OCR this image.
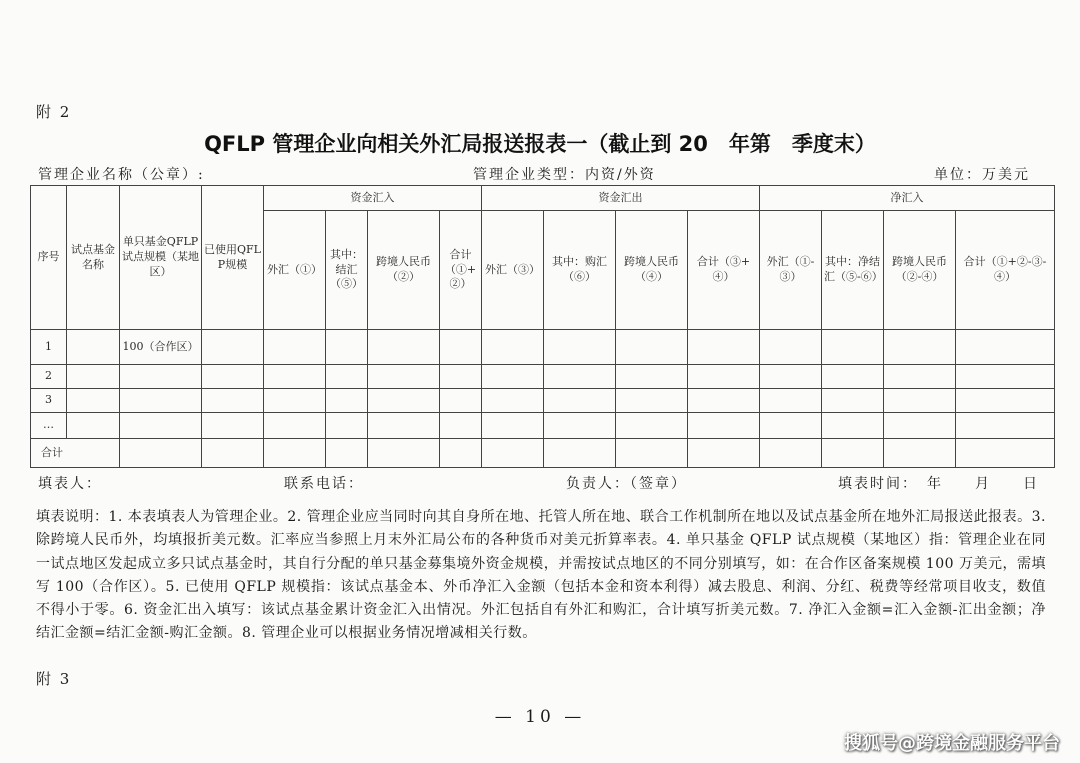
附 2
QFLP 管理企业向相关外汇局报送报表一（截止到 20　年第　季度末）
管理企业名称（公章）:	管理企业类型：内资/外资	单位：万美元
序号	试点基金名称	单只基金QFLP试点规模（某地区）	已使用QFLP规模	资金汇入				资金汇出				净汇入			
				外汇（①）	其中：结汇（⑤）	跨境人民币（②）	合计（①+②）	外汇（③）	其中：购汇（⑥）	跨境人民币（④）	合计（③+④）	外汇（①-③）	其中：净结汇（⑤-⑥）	跨境人民币（②-④）	合计（①+②-③-④）
1		100（合作区）													
2															
3															
…															
合计															
填表人：	联系电话：	负责人：（签章）	填表时间：　年　　月　　日
填表说明：1. 本表填表人为管理企业。2. 管理企业应当同时向其自身所在地、托管人所在地、联合工作机制所在地以及试点基金所在地外汇局报送此报表。3. 除跨境人民币外，均填报折美元数。汇率应当参照上月末外汇局公布的各种货币对美元折算率表。4. 单只基金 QFLP 试点规模（某地区）指：管理企业在同一试点地区发起成立多只试点基金时，其自行分配的单只基金募集境外资金规模，并需按试点地区的不同分别填写，如：在合作区备案规模 100 万美元，需填写 100（合作区）。5. 已使用 QFLP 规模指：该试点基金本、外币净汇入金额（包括本金和资本利得）减去股息、利润、分红、税费等经常项目收支，数值不得小于零。6. 资金汇出入填写：该试点基金累计资金汇入出情况。外汇包括自有外汇和购汇，合计填写折美元数。7. 净汇入金额=汇入金额-汇出金额；净结汇金额=结汇金额-购汇金额。8. 管理企业可以根据业务情况增减相关行数。
附 3
— 10 —
搜狐号@跨境金融服务平台
